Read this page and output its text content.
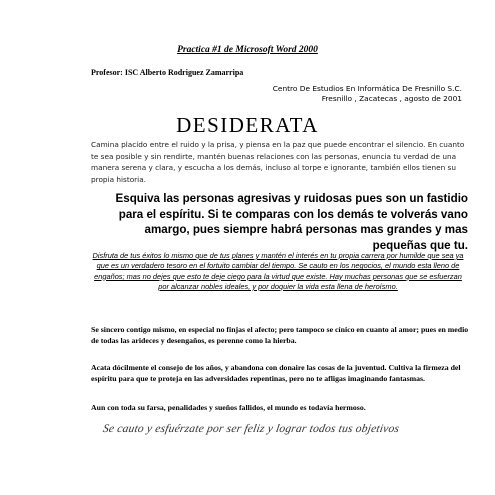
Practica #1 de Microsoft Word 2000
Profesor: ISC Alberto Rodriguez Zamarripa
Centro De Estudios En Informática De Fresnillo S.C.
Fresnillo , Zacatecas , agosto de 2001
DESIDERATA
Camina placido entre el ruido y la prisa, y piensa en la paz que puede encontrar el silencio. En cuanto te sea posible y sin rendirte, mantén buenas relaciones con las personas, enuncia tu verdad de una manera serena y clara, y escucha a los demás, incluso al torpe e ignorante, también ellos tienen su propia historia.
Esquiva las personas agresivas y ruidosas pues son un fastidio para el espíritu. Si te comparas con los demás te volverás vano amargo, pues siempre habrá personas mas grandes y mas pequeñas que tu.
Disfruta de tus éxitos lo mismo que de tus planes y mantén el interés en tu propia carrera por humilde que sea ya que es un verdadero tesoro en el fortuito cambiar del tiempo. Se cauto en los negocios, el mundo esta lleno de engaños; mas no dejes que esto te deje ciego para la virtud que existe. Hay muchas personas que se esfuerzan por alcanzar nobles ideales, y por doquier la vida esta llena de heroísmo.
Se sincero contigo mismo, en especial no finjas el afecto; pero tampoco se cínico en cuanto al amor; pues en medio de todas las arideces y desengaños, es perenne como la hierba.
Acata dócilmente el consejo de los años, y abandona con donaire las cosas de la juventud. Cultiva la firmeza del espíritu para que te proteja en las adversidades repentinas, pero no te afligas imaginando fantasmas.
Aun con toda su farsa, penalidades y sueños fallidos, el mundo es todavía hermoso.
Se cauto y esfuérzate por ser feliz y lograr todos tus objetivos
